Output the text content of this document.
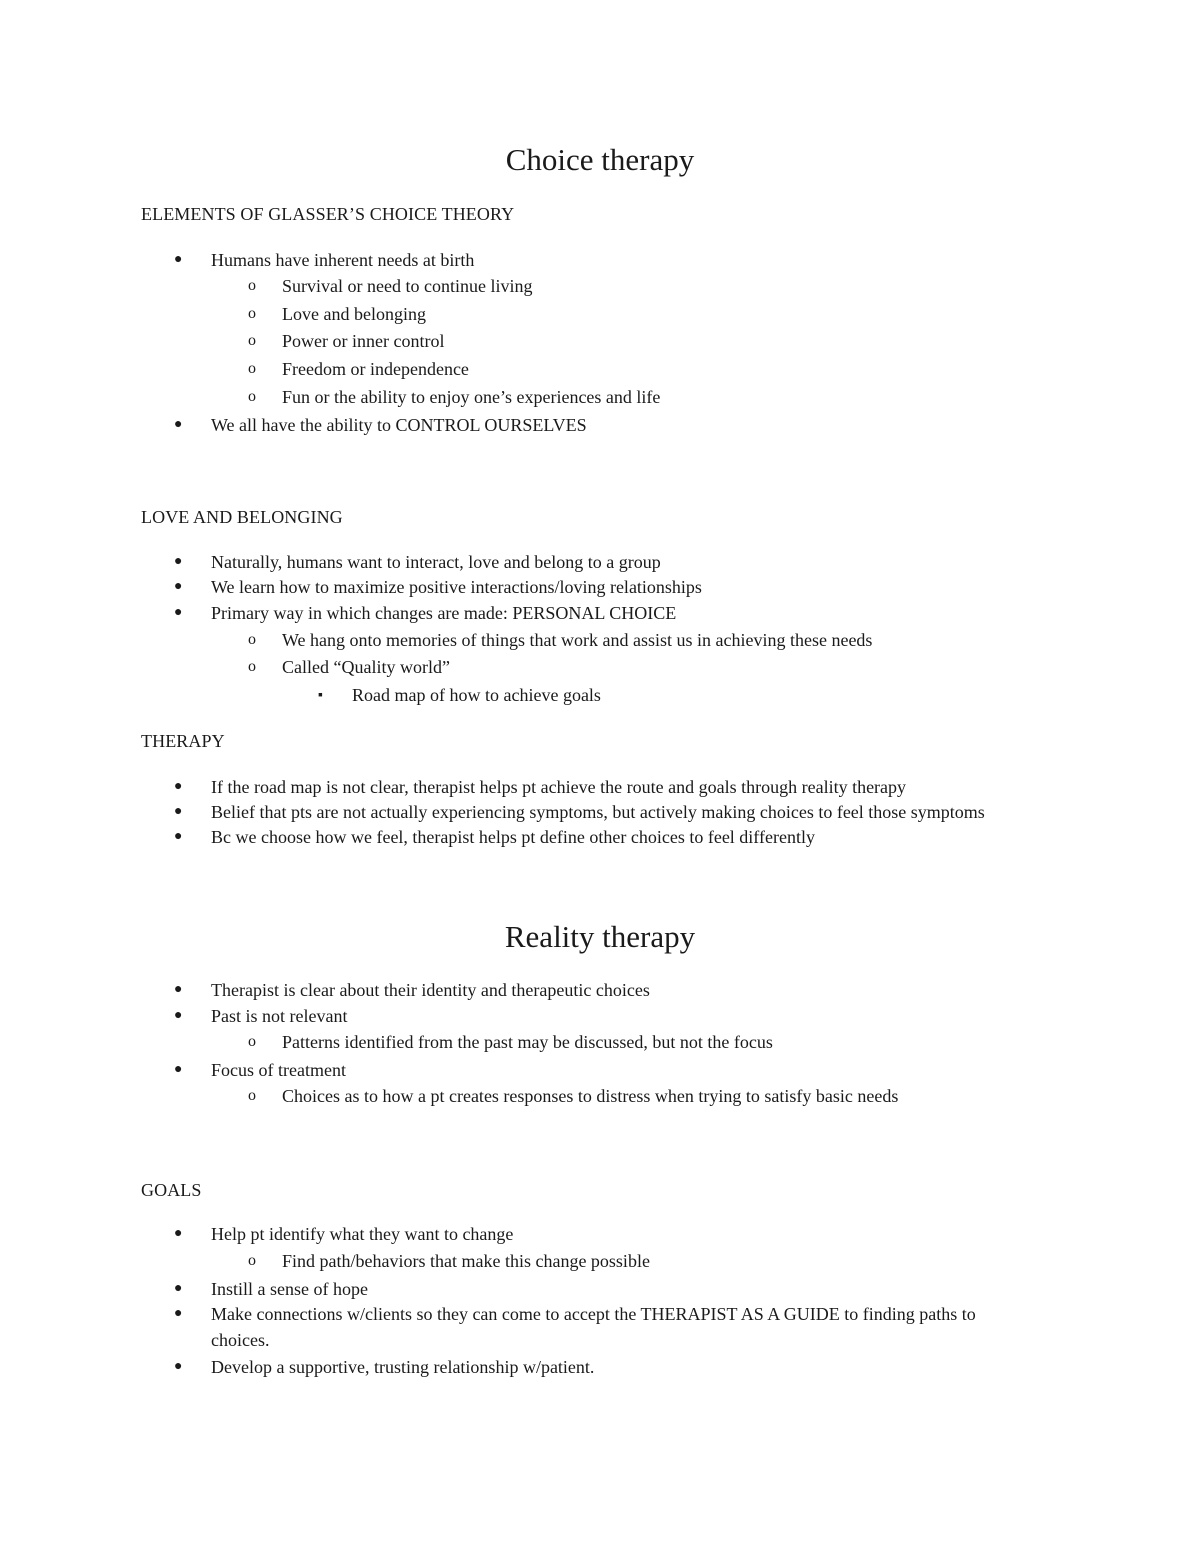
Choice therapy
ELEMENTS OF GLASSER’S CHOICE THEORY
●
Humans have inherent needs at birth
o
Survival or need to continue living
o
Love and belonging
o
Power or inner control
o
Freedom or independence
o
Fun or the ability to enjoy one’s experiences and life
●
We all have the ability to CONTROL OURSELVES
LOVE AND BELONGING
●
Naturally, humans want to interact, love and belong to a group
●
We learn how to maximize positive interactions/loving relationships
●
Primary way in which changes are made: PERSONAL CHOICE
o
We hang onto memories of things that work and assist us in achieving these needs
o
Called “Quality world”
▪
Road map of how to achieve goals
THERAPY
●
If the road map is not clear, therapist helps pt achieve the route and goals through reality therapy
●
Belief that pts are not actually experiencing symptoms, but actively making choices to feel those symptoms
●
Bc we choose how we feel, therapist helps pt define other choices to feel differently
Reality therapy
●
Therapist is clear about their identity and therapeutic choices
●
Past is not relevant
o
Patterns identified from the past may be discussed, but not the focus
●
Focus of treatment
o
Choices as to how a pt creates responses to distress when trying to satisfy basic needs
GOALS
●
Help pt identify what they want to change
o
Find path/behaviors that make this change possible
●
Instill a sense of hope
●
Make connections w/clients so they can come to accept the THERAPIST AS A GUIDE to finding paths to
choices.
●
Develop a supportive, trusting relationship w/patient.
